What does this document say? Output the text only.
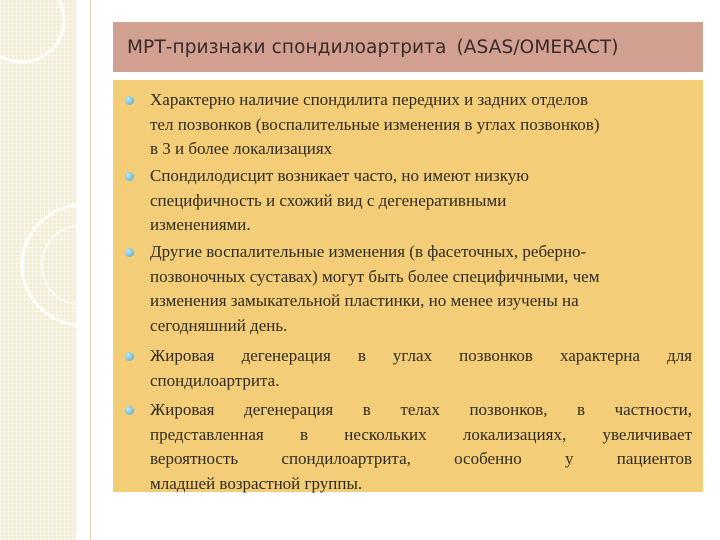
МРТ-признаки спондилоартрита (ASAS/OMERACT)
Характерно наличие спондилита передних и задних отделов
тел позвонков (воспалительные изменения в углах позвонков)
в 3 и более локализациях
Спондилодисцит возникает часто, но имеют низкую
специфичность и схожий вид с дегенеративными
изменениями.
Другие воспалительные изменения (в фасеточных, реберно-
позвоночных суставах) могут быть более специфичными, чем
изменения замыкательной пластинки, но менее изучены на
сегодняшний день.
Жировая дегенерация в углах позвонков характерна для
спондилоартрита.
Жировая дегенерация в телах позвонков, в частности,
представленная в нескольких локализациях, увеличивает
вероятность спондилоартрита, особенно у пациентов
младшей возрастной группы.
